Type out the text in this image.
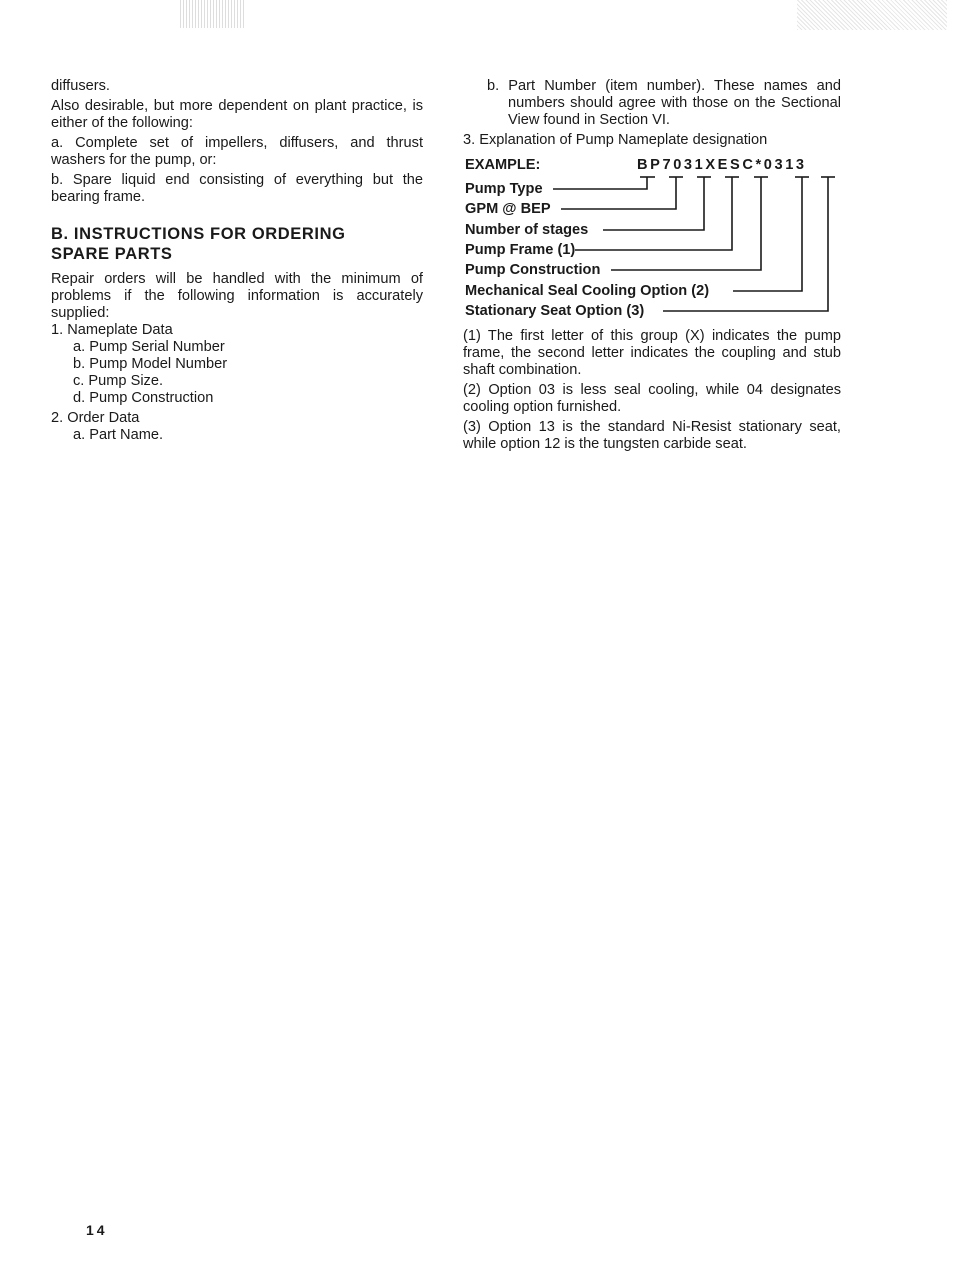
diffusers.

Also desirable, but more dependent on plant practice, is either of the following:

a. Complete set of impellers, diffusers, and thrust washers for the pump, or:

b. Spare liquid end consisting of everything but the bearing frame.

B. INSTRUCTIONS FOR ORDERING
SPARE PARTS

Repair orders will be handled with the minimum of problems if the following information is accurately supplied:

1. Nameplate Data
a. Pump Serial Number
b. Pump Model Number
c. Pump Size.
d. Pump Construction
2. Order Data
a. Part Name.

b. Part Number (item number). These names and numbers should agree with those on the Sectional View found in Section VI.

3. Explanation of Pump Nameplate designation

EXAMPLE:	BP7031XESC*0313
Pump Type
GPM @ BEP
Number of stages
Pump Frame (1)
Pump Construction
Mechanical Seal Cooling Option (2)
Stationary Seat Option (3)

(1) The first letter of this group (X) indicates the pump frame, the second letter indicates the coupling and stub shaft combination.

(2) Option 03 is less seal cooling, while 04 designates cooling option furnished.

(3) Option 13 is the standard Ni-Resist stationary seat, while option 12 is the tungsten carbide seat.

14
